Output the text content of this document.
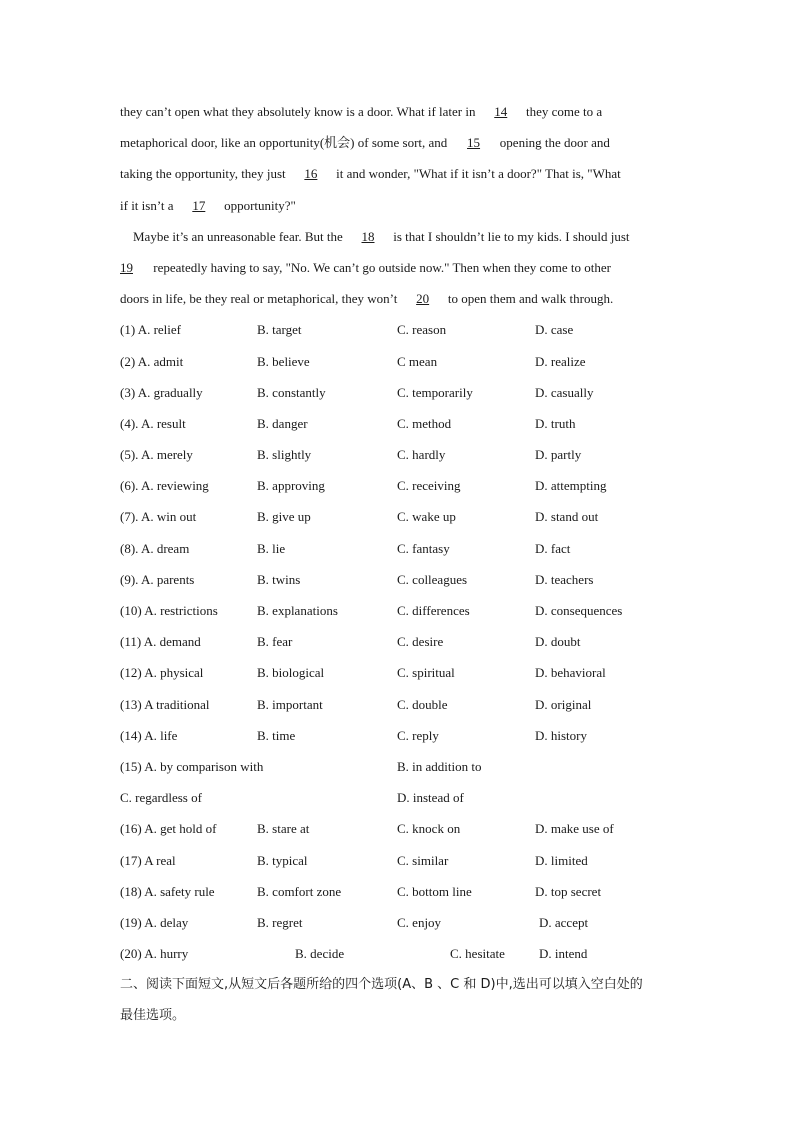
they can’t open what they absolutely know is a door. What if later in 14 they come to a
metaphorical door, like an opportunity(机会) of some sort, and 15 opening the door and
taking the opportunity, they just 16 it and wonder, "What if it isn’t a door?" That is, "What
if it isn’t a 17 opportunity?"
Maybe it’s an unreasonable fear. But the 18 is that I shouldn’t lie to my kids. I should just
19 repeatedly having to say, "No. We can’t go outside now." Then when they come to other
doors in life, be they real or metaphorical, they won’t 20 to open them and walk through.
(1) A. relief	B. target	C. reason	D. case
(2) A. admit	B. believe	C mean	D. realize
(3) A. gradually	B. constantly	C. temporarily	D. casually
(4). A. result	B. danger	C. method	D. truth
(5). A. merely	B. slightly	C. hardly	D. partly
(6). A. reviewing	B. approving	C. receiving	D. attempting
(7). A. win out	B. give up	C. wake up	D. stand out
(8). A. dream	B. lie	C. fantasy	D. fact
(9). A. parents	B. twins	C. colleagues	D. teachers
(10) A. restrictions	B. explanations	C. differences	D. consequences
(11) A. demand	B. fear	C. desire	D. doubt
(12) A. physical	B. biological	C. spiritual	D. behavioral
(13) A traditional	B. important	C. double	D. original
(14) A. life	B. time	C. reply	D. history
(15) A. by comparison with	B. in addition to
C. regardless of	D. instead of
(16) A. get hold of	B. stare at	C. knock on	D. make use of
(17) A real	B. typical	C. similar	D. limited
(18) A. safety rule	B. comfort zone	C. bottom line	D. top secret
(19) A. delay	B. regret	C. enjoy	D. accept
(20) A. hurry	B. decide	C. hesitate	D. intend
二、阅读下面短文,从短文后各题所给的四个选项(A、B 、C 和 D)中,选出可以填入空白处的
最佳选项。
